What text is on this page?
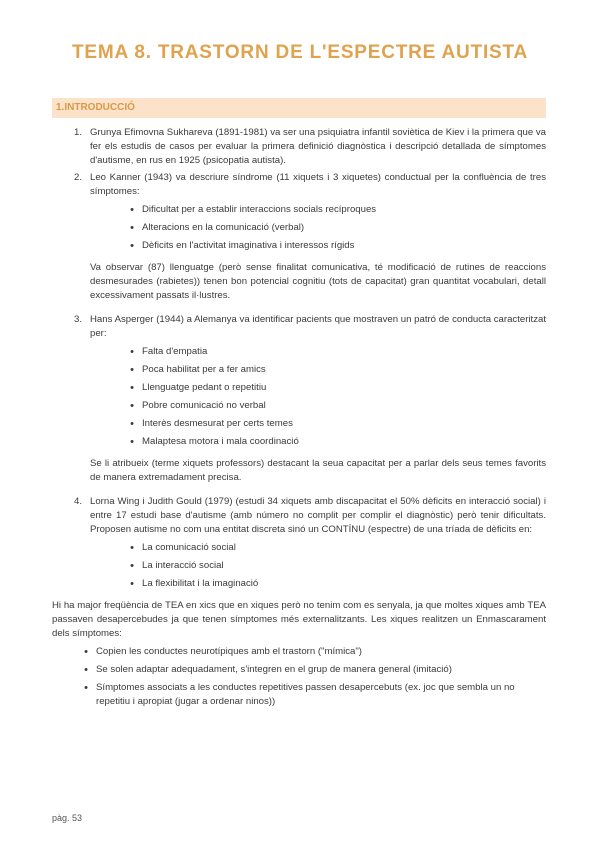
TEMA 8. TRASTORN DE L'ESPECTRE AUTISTA
1.INTRODUCCIÓ
1. Grunya Efimovna Sukhareva (1891-1981) va ser una psiquiatra infantil soviètica de Kiev i la primera que va fer els estudis de casos per evaluar la primera definició diagnòstica i descripció detallada de símptomes d'autisme, en rus en 1925 (psicopatia autista).

2. Leo Kanner (1943) va descriure síndrome (11 xiquets i 3 xiquetes) conductual per la confluència de tres símptomes:

• Dificultat per a establir interaccions socials recíproques
• Alteracions en la comunicació (verbal)
• Dèficits en l'activitat imaginativa i interessos rígids

Va observar (87) llenguatge (però sense finalitat comunicativa, té modificació de rutines de reaccions desmesurades (rabietes)) tenen bon potencial cognitiu (tots de capacitat) gran quantitat vocabulari, detall excessivament passats il·lustres.

3. Hans Asperger (1944) a Alemanya va identificar pacients que mostraven un patró de conducta caracteritzat per:

• Falta d'empatia
• Poca habilitat per a fer amics
• Llenguatge pedant o repetitiu
• Pobre comunicació no verbal
• Interès desmesurat per certs temes
• Malaptesa motora i mala coordinació

Se li atribueix (terme xiquets professors) destacant la seua capacitat per a parlar dels seus temes favorits de manera extremadament precisa.

4. Lorna Wing i Judith Gould (1979) (estudi 34 xiquets amb discapacitat el 50% dèficits en interacció social) i entre 17 estudi base d'autisme (amb número no complit per complir el diagnòstic) però tenir dificultats. Proposen autisme no com una entitat discreta sinó un CONTÍNU (espectre) de una tríada de dèficits en:

• La comunicació social
• La interacció social
• La flexibilitat i la imaginació

Hi ha major freqüència de TEA en xics que en xiques però no tenim com es senyala, ja que moltes xiques amb TEA passaven desapercebudes ja que tenen símptomes més externalitzants. Les xiques realitzen un Enmascarament dels símptomes:

• Copien les conductes neurotípiques amb el trastorn ("mímica")
• Se solen adaptar adequadament, s'integren en el grup de manera general (imitació)
• Símptomes associats a les conductes repetitives passen desapercebuts (ex. joc que sembla un no repetitiu i apropiat (jugar a ordenar ninos))
pàg. 53
